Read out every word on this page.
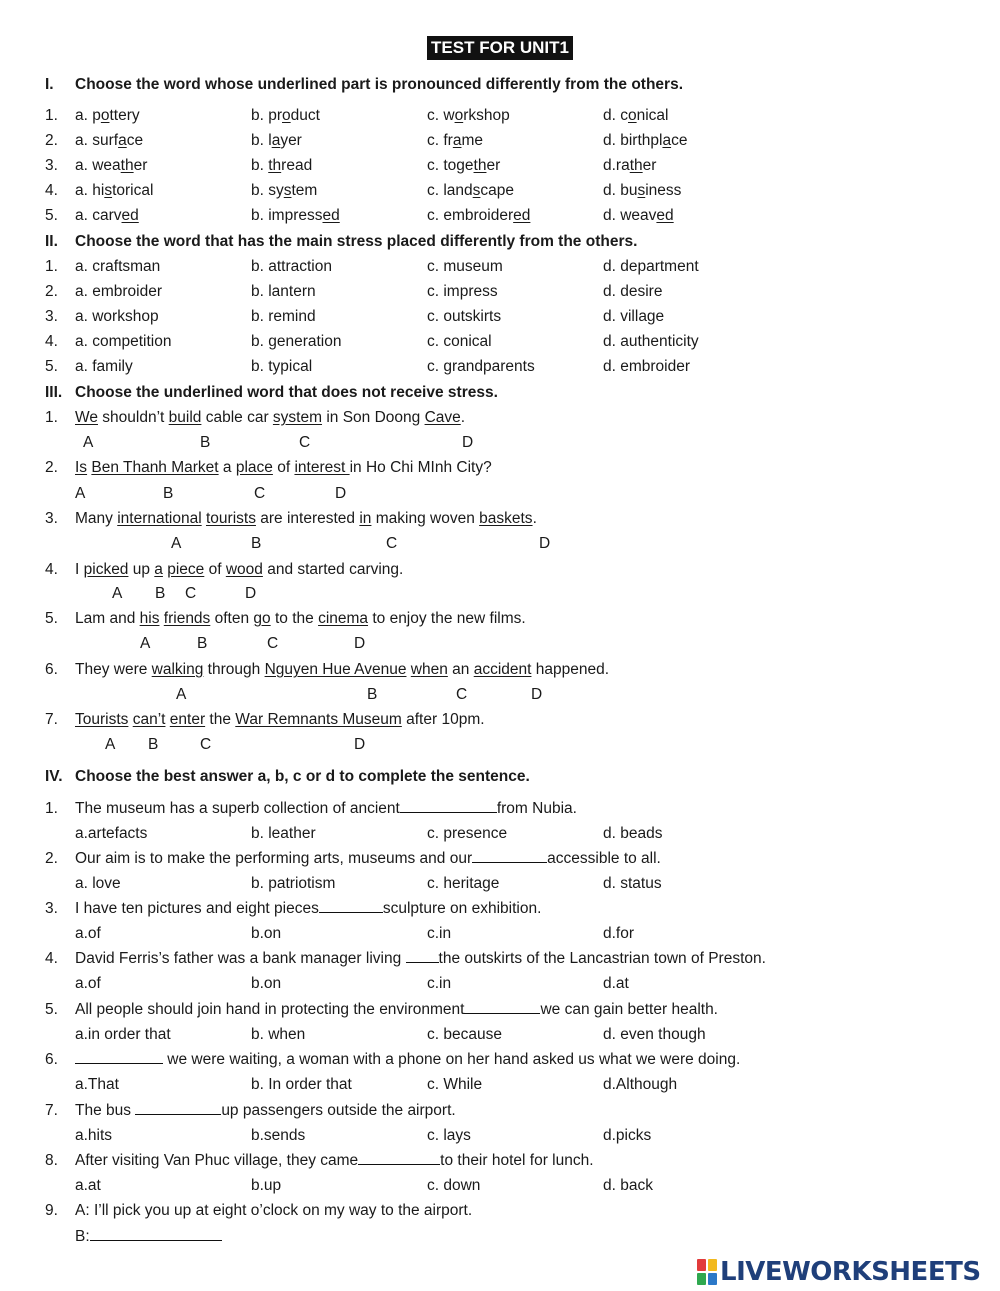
TEST FOR UNIT1
I. Choose the word whose underlined part is pronounced differently from the others.
1. a. pottery	b. product	c. workshop	d. conical
2. a. surface	b. layer	c. frame	d. birthplace
3. a. weather	b. thread	c. together	d.rather
4. a. historical	b. system	c. landscape	d. business
5. a. carved	b. impressed	c. embroidered	d. weaved
II. Choose the word that has the main stress placed differently from the others.
1. a. craftsman	b. attraction	c. museum	d. department
2. a. embroider	b. lantern	c. impress	d. desire
3. a. workshop	b. remind	c. outskirts	d. village
4. a. competition	b. generation	c. conical	d. authenticity
5. a. family	b. typical	c. grandparents	d. embroider
III. Choose the underlined word that does not receive stress.
1. We shouldn’t build cable car system in Son Doong Cave.
A	B	C	D
2. Is Ben Thanh Market a place of interest in Ho Chi MInh City?
A	B	C	D
3. Many international tourists are interested in making woven baskets.
A	B	C	D
4. I picked up a piece of wood and started carving.
A B C	D
5. Lam and his friends often go to the cinema to enjoy the new films.
A	B	C	D
6. They were walking through Nguyen Hue Avenue when an accident happened.
A	B	C	D
7. Tourists can’t enter the War Remnants Museum after 10pm.
A B	C	D
IV. Choose the best answer a, b, c or d to complete the sentence.
1. The museum has a superb collection of ancient	from Nubia.
a.artefacts	b. leather	c. presence	d. beads
2. Our aim is to make the performing arts, museums and our	accessible to all.
a. love	b. patriotism	c. heritage	d. status
3. I have ten pictures and eight pieces	sculpture on exhibition.
a.of	b.on	c.in	d.for
4. David Ferris’s father was a bank manager living the outskirts of the Lancastrian town of Preston.
a.of	b.on	c.in	d.at
5. All people should join hand in protecting the environment	we can gain better health.
a.in order that	b. when	c. because	d. even though
6.	we were waiting, a woman with a phone on her hand asked us what we were doing.
a.That	b. In order that	c. While	d.Although
7. The bus	up passengers outside the airport.
a.hits	b.sends	c. lays	d.picks
8. After visiting Van Phuc village, they came	to their hotel for lunch.
a.at	b.up	c. down	d. back
9. A: I’ll pick you up at eight o’clock on my way to the airport.
B:
LIVEWORKSHEETS
